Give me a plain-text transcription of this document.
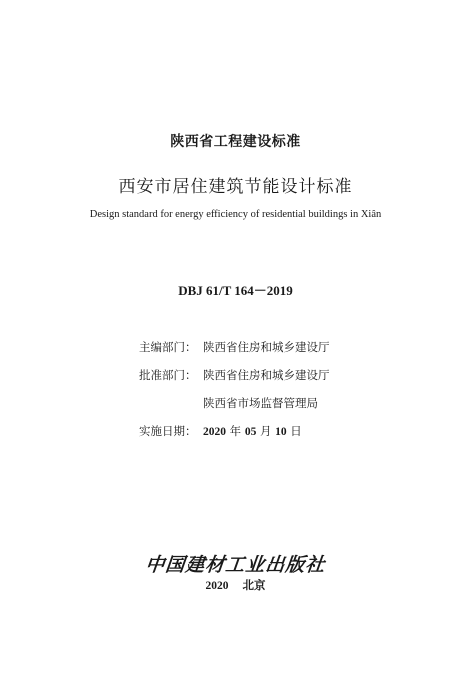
陕西省工程建设标准
西安市居住建筑节能设计标准
Design standard for energy efficiency of residential buildings in Xiân
DBJ 61/T 164－2019
主编部门： 陕西省住房和城乡建设厅
批准部门： 陕西省住房和城乡建设厅
陕西省市场监督管理局
实施日期： 2020 年 05 月 10 日
中国建材工业出版社
2020 北京
